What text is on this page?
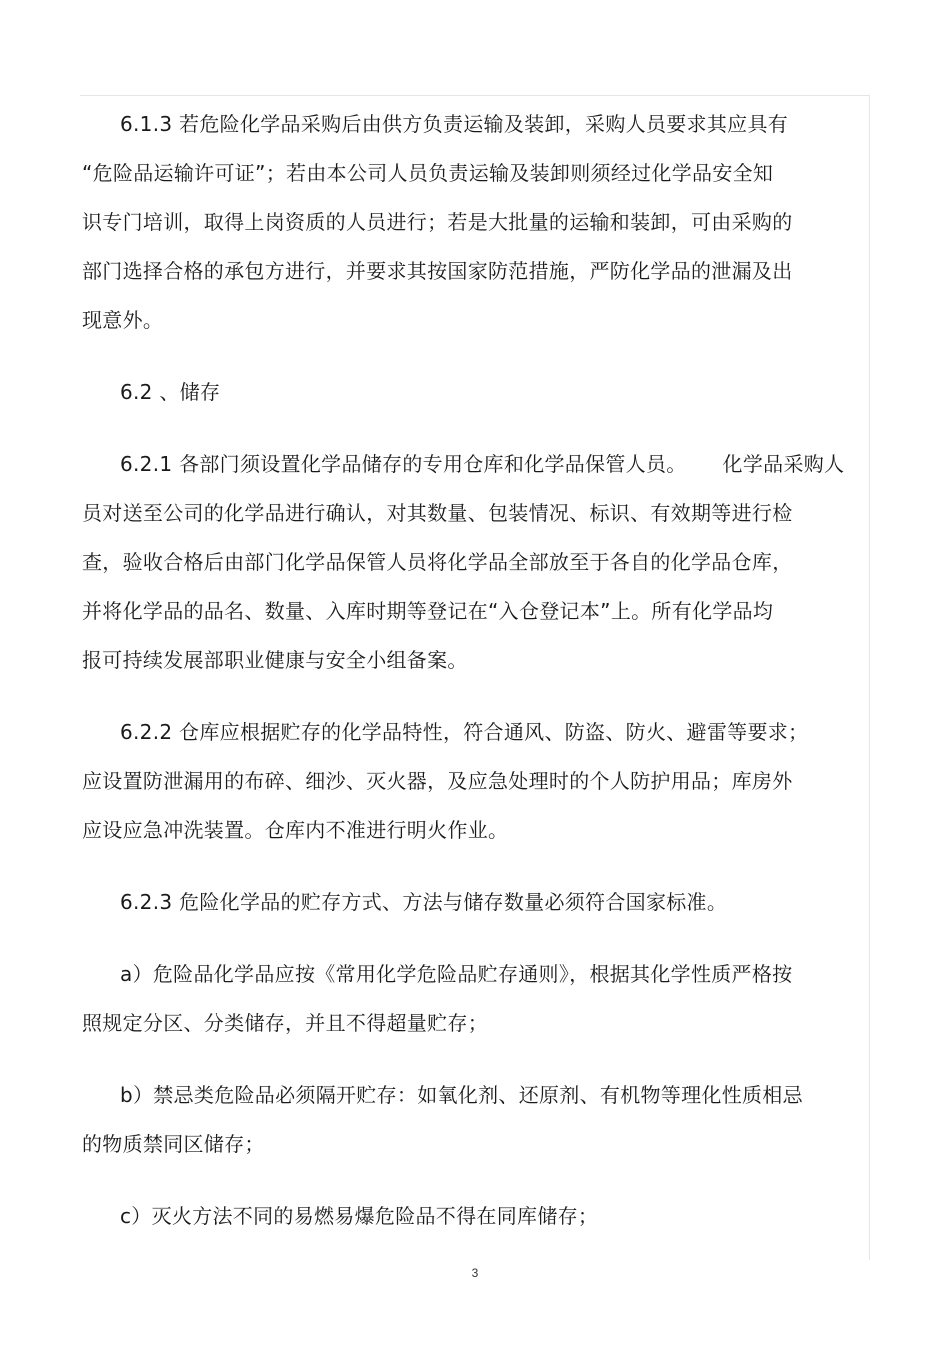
6.1.3 若危险化学品采购后由供方负责运输及装卸，采购人员要求其应具有
“危险品运输许可证”；若由本公司人员负责运输及装卸则须经过化学品安全知
识专门培训，取得上岗资质的人员进行；若是大批量的运输和装卸，可由采购的
部门选择合格的承包方进行，并要求其按国家防范措施，严防化学品的泄漏及出
现意外。

6.2 、储存

6.2.1 各部门须设置化学品储存的专用仓库和化学品保管人员。 化学品采购人
员对送至公司的化学品进行确认，对其数量、包装情况、标识、有效期等进行检
查，验收合格后由部门化学品保管人员将化学品全部放至于各自的化学品仓库，
并将化学品的品名、数量、入库时期等登记在“入仓登记本”上。所有化学品均
报可持续发展部职业健康与安全小组备案。

6.2.2 仓库应根据贮存的化学品特性，符合通风、防盗、防火、避雷等要求；
应设置防泄漏用的布碎、细沙、灭火器，及应急处理时的个人防护用品；库房外
应设应急冲洗装置。仓库内不准进行明火作业。

6.2.3 危险化学品的贮存方式、方法与储存数量必须符合国家标准。

a）危险品化学品应按《常用化学危险品贮存通则》，根据其化学性质严格按
照规定分区、分类储存，并且不得超量贮存；

b）禁忌类危险品必须隔开贮存：如氧化剂、还原剂、有机物等理化性质相忌
的物质禁同区储存；

c）灭火方法不同的易燃易爆危险品不得在同库储存；

3
